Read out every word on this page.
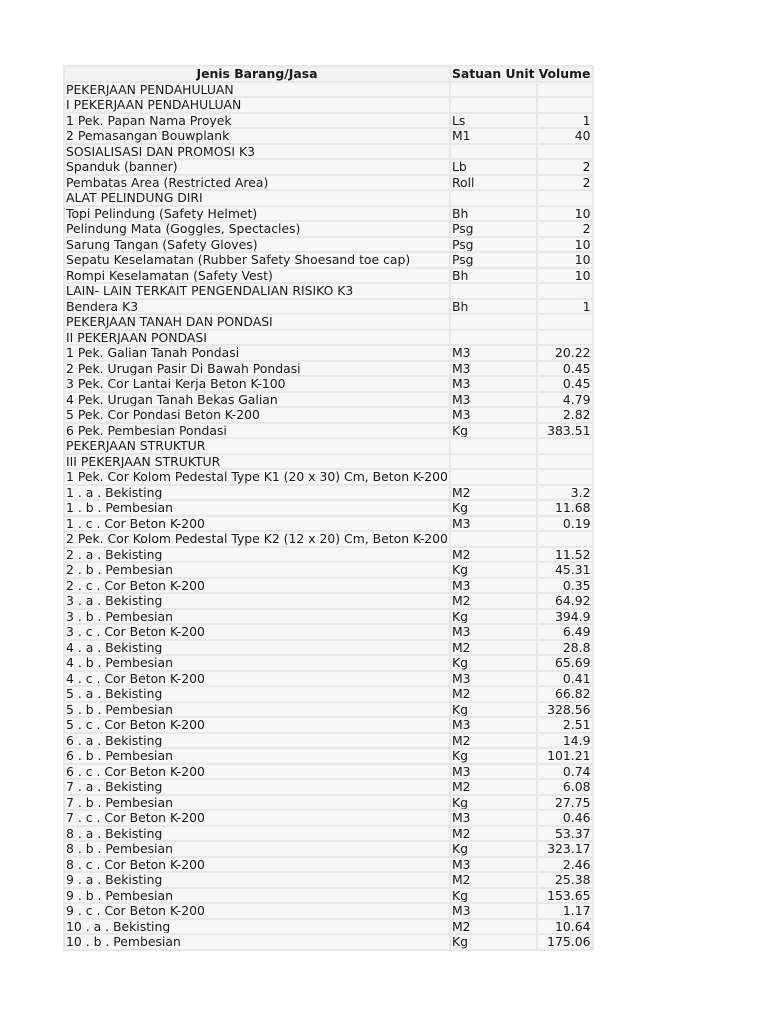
Jenis Barang/Jasa	Satuan Unit	Volume
PEKERJAAN PENDAHULUAN		
I PEKERJAAN PENDAHULUAN		
1 Pek. Papan Nama Proyek	Ls	1
2 Pemasangan Bouwplank	M1	40
SOSIALISASI DAN PROMOSI K3		
Spanduk (banner)	Lb	2
Pembatas Area (Restricted Area)	Roll	2
ALAT PELINDUNG DIRI		
Topi Pelindung (Safety Helmet)	Bh	10
Pelindung Mata (Goggles, Spectacles)	Psg	2
Sarung Tangan (Safety Gloves)	Psg	10
Sepatu Keselamatan (Rubber Safety Shoesand toe cap)	Psg	10
Rompi Keselamatan (Safety Vest)	Bh	10
LAIN- LAIN TERKAIT PENGENDALIAN RISIKO K3		
Bendera K3	Bh	1
PEKERJAAN TANAH DAN PONDASI		
II PEKERJAAN PONDASI		
1 Pek. Galian Tanah Pondasi	M3	20.22
2 Pek. Urugan Pasir Di Bawah Pondasi	M3	0.45
3 Pek. Cor Lantai Kerja Beton K-100	M3	0.45
4 Pek. Urugan Tanah Bekas Galian	M3	4.79
5 Pek. Cor Pondasi Beton K-200	M3	2.82
6 Pek. Pembesian Pondasi	Kg	383.51
PEKERJAAN STRUKTUR		
III PEKERJAAN STRUKTUR		
1 Pek. Cor Kolom Pedestal Type K1 (20 x 30) Cm, Beton K-200		
1 . a . Bekisting	M2	3.2
1 . b . Pembesian	Kg	11.68
1 . c . Cor Beton K-200	M3	0.19
2 Pek. Cor Kolom Pedestal Type K2 (12 x 20) Cm, Beton K-200		
2 . a . Bekisting	M2	11.52
2 . b . Pembesian	Kg	45.31
2 . c . Cor Beton K-200	M3	0.35
3 . a . Bekisting	M2	64.92
3 . b . Pembesian	Kg	394.9
3 . c . Cor Beton K-200	M3	6.49
4 . a . Bekisting	M2	28.8
4 . b . Pembesian	Kg	65.69
4 . c . Cor Beton K-200	M3	0.41
5 . a . Bekisting	M2	66.82
5 . b . Pembesian	Kg	328.56
5 . c . Cor Beton K-200	M3	2.51
6 . a . Bekisting	M2	14.9
6 . b . Pembesian	Kg	101.21
6 . c . Cor Beton K-200	M3	0.74
7 . a . Bekisting	M2	6.08
7 . b . Pembesian	Kg	27.75
7 . c . Cor Beton K-200	M3	0.46
8 . a . Bekisting	M2	53.37
8 . b . Pembesian	Kg	323.17
8 . c . Cor Beton K-200	M3	2.46
9 . a . Bekisting	M2	25.38
9 . b . Pembesian	Kg	153.65
9 . c . Cor Beton K-200	M3	1.17
10 . a . Bekisting	M2	10.64
10 . b . Pembesian	Kg	175.06
